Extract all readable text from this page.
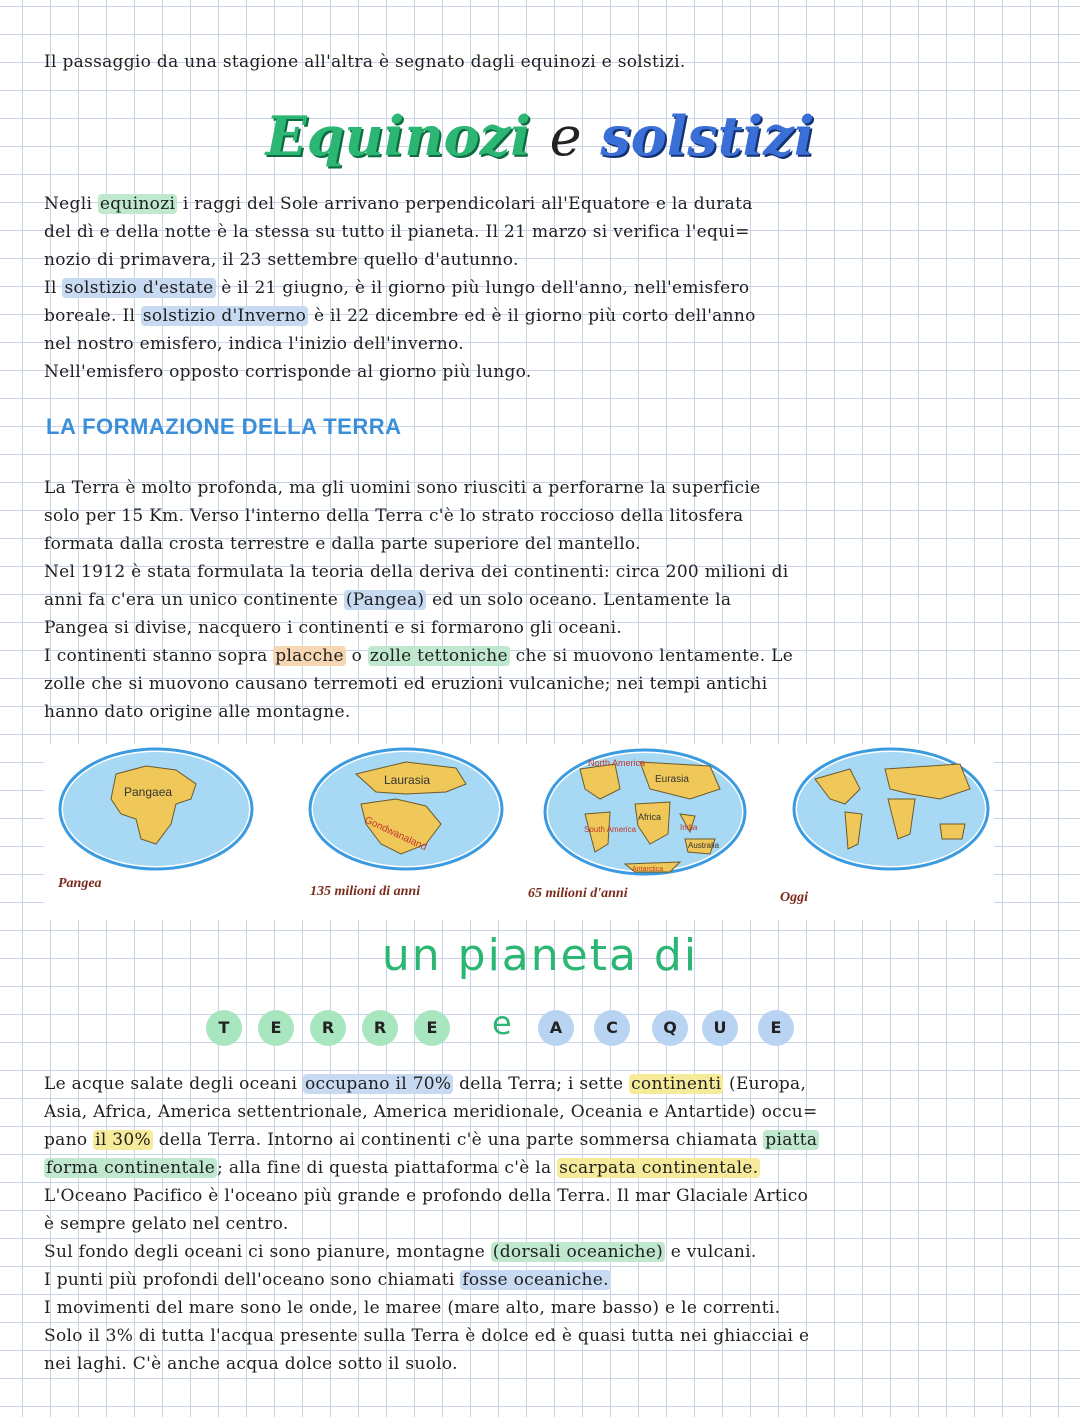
Il passaggio da una stagione all'altra è segnato dagli equinozi e solstizi.
Equinozi e solstizi
Negli equinozi i raggi del Sole arrivano perpendicolari all'Equatore e la durata
del dì e della notte è la stessa su tutto il pianeta. Il 21 marzo si verifica l'equi=
nozio di primavera, il 23 settembre quello d'autunno.
Il solstizio d'estate è il 21 giugno, è il giorno più lungo dell'anno, nell'emisfero
boreale. Il solstizio d'Inverno è il 22 dicembre ed è il giorno più corto dell'anno
nel nostro emisfero, indica l'inizio dell'inverno.
Nell'emisfero opposto corrisponde al giorno più lungo.
LA FORMAZIONE DELLA TERRA
La Terra è molto profonda, ma gli uomini sono riusciti a perforarne la superficie
solo per 15 Km. Verso l'interno della Terra c'è lo strato roccioso della litosfera
formata dalla crosta terrestre e dalla parte superiore del mantello.
Nel 1912 è stata formulata la teoria della deriva dei continenti: circa 200 milioni di
anni fa c'era un unico continente (Pangea) ed un solo oceano. Lentamente la
Pangea si divise, nacquero i continenti e si formarono gli oceani.
I continenti stanno sopra placche o zolle tettoniche che si muovono lentamente. Le
zolle che si muovono causano terremoti ed eruzioni vulcaniche; nei tempi antichi
hanno dato origine alle montagne.
Pangaea
Pangea
Laurasia
Gondwanaland
135 milioni di anni
North America
Eurasia
Africa
South America	India
Australia
Antarctica
65 milioni d'anni	Oggi
un pianeta di
T	E	R	R	E	e	A	C	Q	U	E
Le acque salate degli oceani occupano il 70% della Terra; i sette continenti (Europa,
Asia, Africa, America settentrionale, America meridionale, Oceania e Antartide) occu=
pano il 30% della Terra. Intorno ai continenti c'è una parte sommersa chiamata piatta
forma continentale ; alla fine di questa piattaforma c'è la scarpata continentale.
L'Oceano Pacifico è l'oceano più grande e profondo della Terra. Il mar Glaciale Artico
è sempre gelato nel centro.
Sul fondo degli oceani ci sono pianure, montagne (dorsali oceaniche) e vulcani.
I punti più profondi dell'oceano sono chiamati fosse oceaniche.
I movimenti del mare sono le onde, le maree (mare alto, mare basso) e le correnti.
Solo il 3% di tutta l'acqua presente sulla Terra è dolce ed è quasi tutta nei ghiacciai e
nei laghi. C'è anche acqua dolce sotto il suolo.
